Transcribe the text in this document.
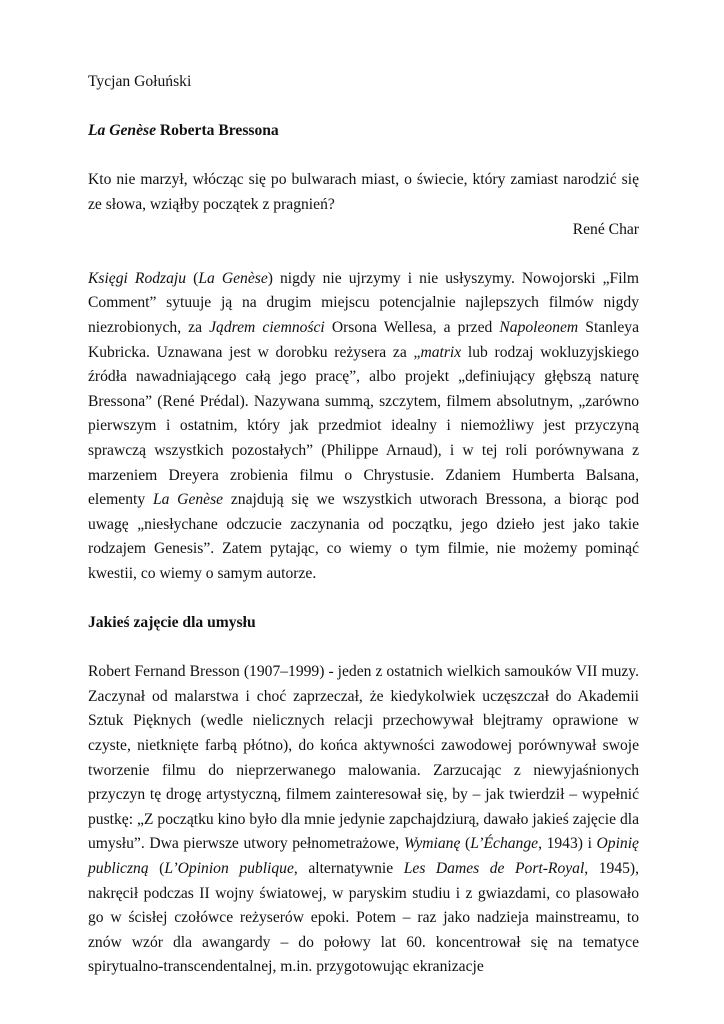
Tycjan Gołuński

La Genèse Roberta Bressona

Kto nie marzył, włócząc się po bulwarach miast, o świecie, który zamiast narodzić się ze słowa, wziąłby początek z pragnień?

René Char

Księgi Rodzaju (La Genèse) nigdy nie ujrzymy i nie usłyszymy. Nowojorski „Film Comment” sytuuje ją na drugim miejscu potencjalnie najlepszych filmów nigdy niezrobionych, za Jądrem ciemności Orsona Wellesa, a przed Napoleonem Stanleya Kubricka. Uznawana jest w dorobku reżysera za „matrix lub rodzaj wokluzyjskiego źródła nawadniającego całą jego pracę”, albo projekt „definiujący głębszą naturę Bressona” (René Prédal). Nazywana summą, szczytem, filmem absolutnym, „zarówno pierwszym i ostatnim, który jak przedmiot idealny i niemożliwy jest przyczyną sprawczą wszystkich pozostałych” (Philippe Arnaud), i w tej roli porównywana z marzeniem Dreyera zrobienia filmu o Chrystusie. Zdaniem Humberta Balsana, elementy La Genèse znajdują się we wszystkich utworach Bressona, a biorąc pod uwagę „niesłychane odczucie zaczynania od początku, jego dzieło jest jako takie rodzajem Genesis”. Zatem pytając, co wiemy o tym filmie, nie możemy pominąć kwestii, co wiemy o samym autorze.

Jakieś zajęcie dla umysłu

Robert Fernand Bresson (1907–1999) - jeden z ostatnich wielkich samouków VII muzy. Zaczynał od malarstwa i choć zaprzeczał, że kiedykolwiek uczęszczał do Akademii Sztuk Pięknych (wedle nielicznych relacji przechowywał blejtramy oprawione w czyste, nietknięte farbą płótno), do końca aktywności zawodowej porównywał swoje tworzenie filmu do nieprzerwanego malowania. Zarzucając z niewyjaśnionych przyczyn tę drogę artystyczną, filmem zainteresował się, by – jak twierdził – wypełnić pustkę: „Z początku kino było dla mnie jedynie zapchajdziurą, dawało jakieś zajęcie dla umysłu”. Dwa pierwsze utwory pełnometrażowe, Wymianę (L’Échange, 1943) i Opinię publiczną (L’Opinion publique, alternatywnie Les Dames de Port-Royal, 1945), nakręcił podczas II wojny światowej, w paryskim studiu i z gwiazdami, co plasowało go w ścisłej czołówce reżyserów epoki. Potem – raz jako nadzieja mainstreamu, to znów wzór dla awangardy – do połowy lat 60. koncentrował się na tematyce spirytualno-transcendentalnej, m.in. przygotowując ekranizacje
